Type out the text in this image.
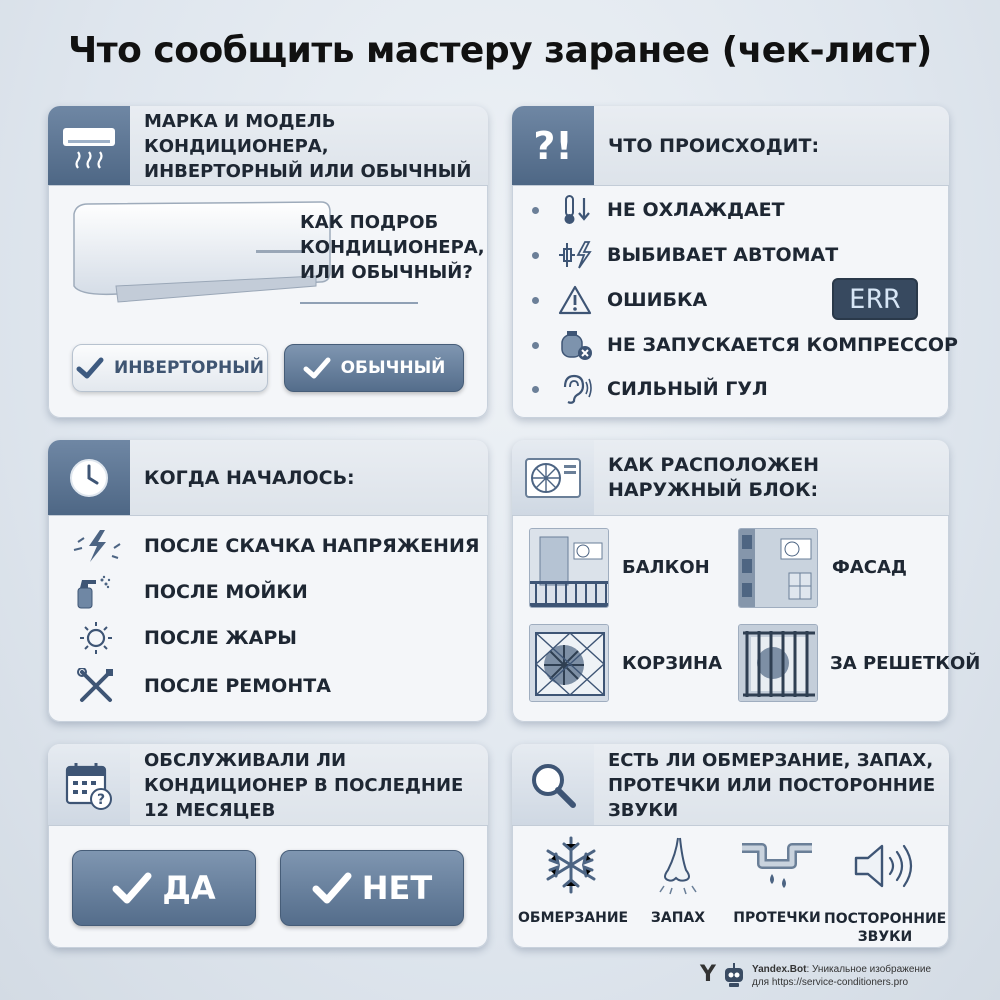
Что сообщить мастеру заранее (чек-лист)
МАРКА И МОДЕЛЬ КОНДИЦИОНЕРА, ИНВЕРТОРНЫЙ ИЛИ ОБЫЧНЫЙ
КАК ПОДРОБ КОНДИЦИОНЕРА, ИЛИ ОБЫЧНЫЙ?
ИНВЕРТОРНЫЙ	ОБЫЧНЫЙ
?! ЧТО ПРОИСХОДИТ:
НЕ ОХЛАЖДАЕТ
ВЫБИВАЕТ АВТОМАТ
ОШИБКА	ERR
НЕ ЗАПУСКАЕТСЯ КОМПРЕССОР
СИЛЬНЫЙ ГУЛ
КОГДА НАЧАЛОСЬ:
ПОСЛЕ СКАЧКА НАПРЯЖЕНИЯ
ПОСЛЕ МОЙКИ
ПОСЛЕ ЖАРЫ
ПОСЛЕ РЕМОНТА
КАК РАСПОЛОЖЕН НАРУЖНЫЙ БЛОК:
БАЛКОН	ФАСАД
КОРЗИНА	ЗА РЕШЕТКОЙ
?
ОБСЛУЖИВАЛИ ЛИ КОНДИЦИОНЕР В ПОСЛЕДНИЕ 12 МЕСЯЦЕВ
ДА	НЕТ
ЕСТЬ ЛИ ОБМЕРЗАНИЕ, ЗАПАХ, ПРОТЕЧКИ ИЛИ ПОСТОРОННИЕ ЗВУКИ
ОБМЕРЗАНИЕ	ЗАПАХ	ПРОТЕЧКИ ПОСТОРОННИЕ ЗВУКИ
Y	Yandex.Bot: Уникальное изображение
для https://service-conditioners.pro
